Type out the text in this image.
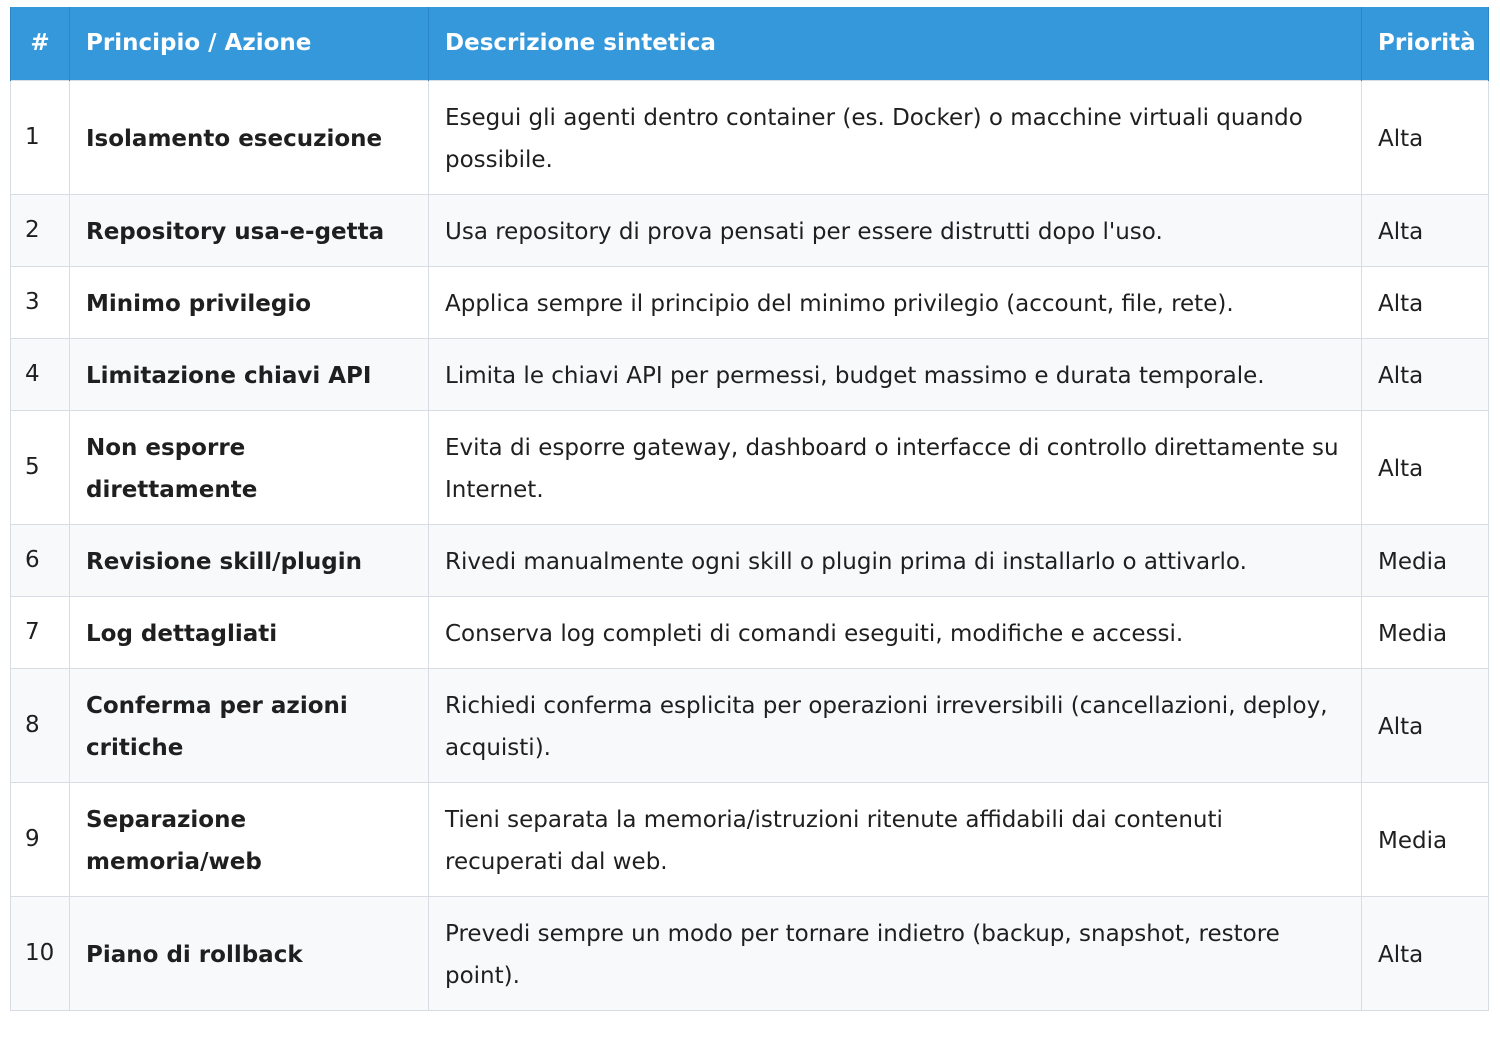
#	Principio / Azione	Descrizione sintetica	Priorità
1	Isolamento esecuzione	Esegui gli agenti dentro container (es. Docker) o macchine virtuali quando possibile.	Alta
2	Repository usa-e-getta	Usa repository di prova pensati per essere distrutti dopo l'uso.	Alta
3	Minimo privilegio	Applica sempre il principio del minimo privilegio (account, file, rete).	Alta
4	Limitazione chiavi API	Limita le chiavi API per permessi, budget massimo e durata temporale.	Alta
5	Non esporre direttamente	Evita di esporre gateway, dashboard o interfacce di controllo direttamente su Internet.	Alta
6	Revisione skill/plugin	Rivedi manualmente ogni skill o plugin prima di installarlo o attivarlo.	Media
7	Log dettagliati	Conserva log completi di comandi eseguiti, modifiche e accessi.	Media
8	Conferma per azioni critiche	Richiedi conferma esplicita per operazioni irreversibili (cancellazioni, deploy, acquisti).	Alta
9	Separazione memoria/web	Tieni separata la memoria/istruzioni ritenute affidabili dai contenuti recuperati dal web.	Media
10	Piano di rollback	Prevedi sempre un modo per tornare indietro (backup, snapshot, restore point).	Alta
